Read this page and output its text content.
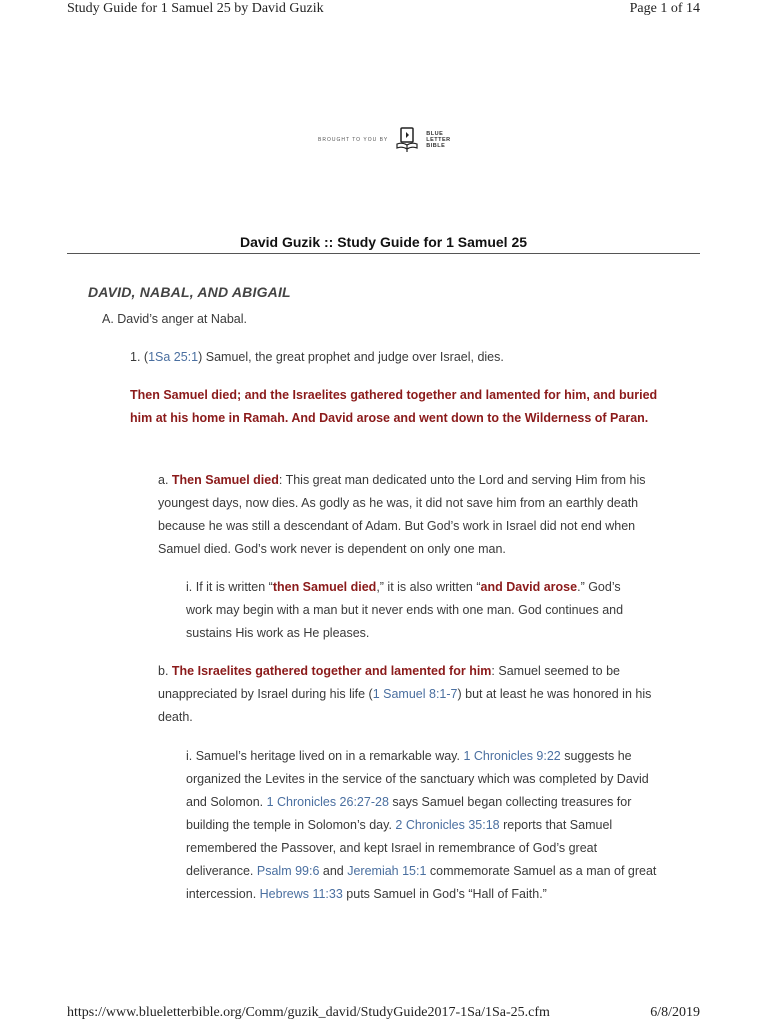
Study Guide for 1 Samuel 25 by David Guzik	Page 1 of 14
BROUGHT TO YOU BY
BLUE
LETTER
BIBLE
David Guzik :: Study Guide for 1 Samuel 25
DAVID, NABAL, AND ABIGAIL
A. David’s anger at Nabal.
1. (1Sa 25:1) Samuel, the great prophet and judge over Israel, dies.
Then Samuel died; and the Israelites gathered together and lamented for him, and buried him at his home in Ramah. And David arose and went down to the Wilderness of Paran.
a. Then Samuel died: This great man dedicated unto the Lord and serving Him from his youngest days, now dies. As godly as he was, it did not save him from an earthly death because he was still a descendant of Adam. But God’s work in Israel did not end when Samuel died. God’s work never is dependent on only one man.
i. If it is written “then Samuel died,” it is also written “and David arose.” God’s work may begin with a man but it never ends with one man. God continues and sustains His work as He pleases.
b. The Israelites gathered together and lamented for him: Samuel seemed to be unappreciated by Israel during his life (1 Samuel 8:1-7) but at least he was honored in his death.
i. Samuel’s heritage lived on in a remarkable way. 1 Chronicles 9:22 suggests he organized the Levites in the service of the sanctuary which was completed by David and Solomon. 1 Chronicles 26:27-28 says Samuel began collecting treasures for building the temple in Solomon’s day. 2 Chronicles 35:18 reports that Samuel remembered the Passover, and kept Israel in remembrance of God’s great deliverance. Psalm 99:6 and Jeremiah 15:1 commemorate Samuel as a man of great intercession. Hebrews 11:33 puts Samuel in God’s “Hall of Faith.”
https://www.blueletterbible.org/Comm/guzik_david/StudyGuide2017-1Sa/1Sa-25.cfm	6/8/2019
